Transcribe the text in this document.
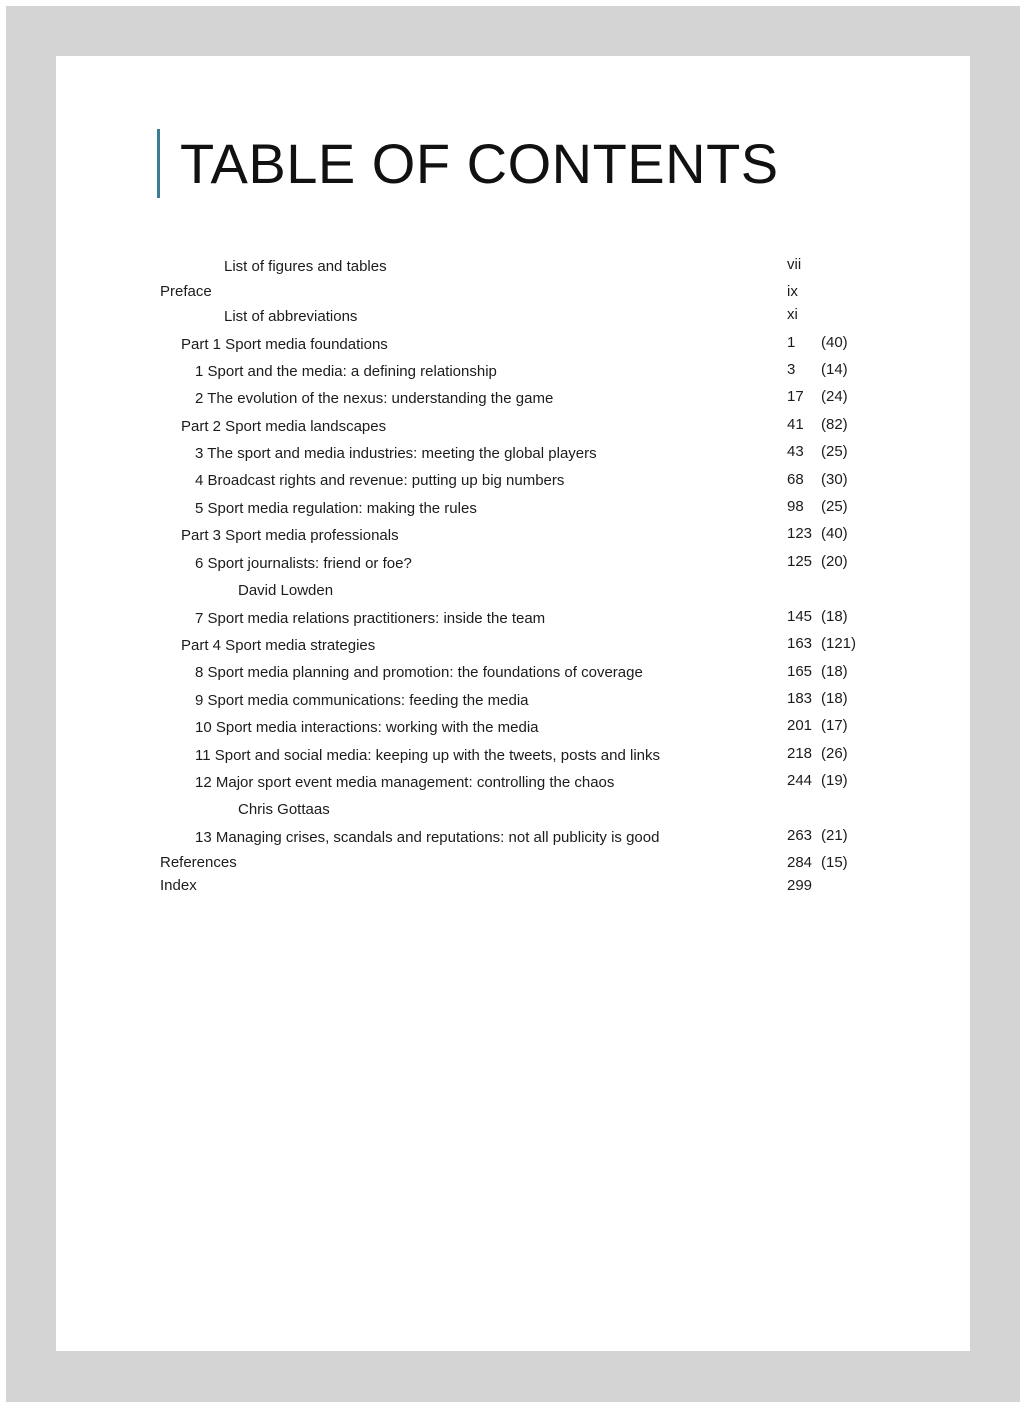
TABLE OF CONTENTS
List of figures and tables	vii
Preface	ix
List of abbreviations	xi
Part 1 Sport media foundations	1 (40)
1 Sport and the media: a defining relationship	3 (14)
2 The evolution of the nexus: understanding the game	17 (24)
Part 2 Sport media landscapes	41 (82)
3 The sport and media industries: meeting the global players	43 (25)
4 Broadcast rights and revenue: putting up big numbers	68 (30)
5 Sport media regulation: making the rules	98 (25)
Part 3 Sport media professionals	123 (40)
6 Sport journalists: friend or foe?	125 (20)
David Lowden
7 Sport media relations practitioners: inside the team	145 (18)
Part 4 Sport media strategies	163 (121)
8 Sport media planning and promotion: the foundations of coverage	165 (18)
9 Sport media communications: feeding the media	183 (18)
10 Sport media interactions: working with the media	201 (17)
11 Sport and social media: keeping up with the tweets, posts and links	218 (26)
12 Major sport event media management: controlling the chaos	244 (19)
Chris Gottaas
13 Managing crises, scandals and reputations: not all publicity is good	263 (21)
References	284 (15)
Index	299
